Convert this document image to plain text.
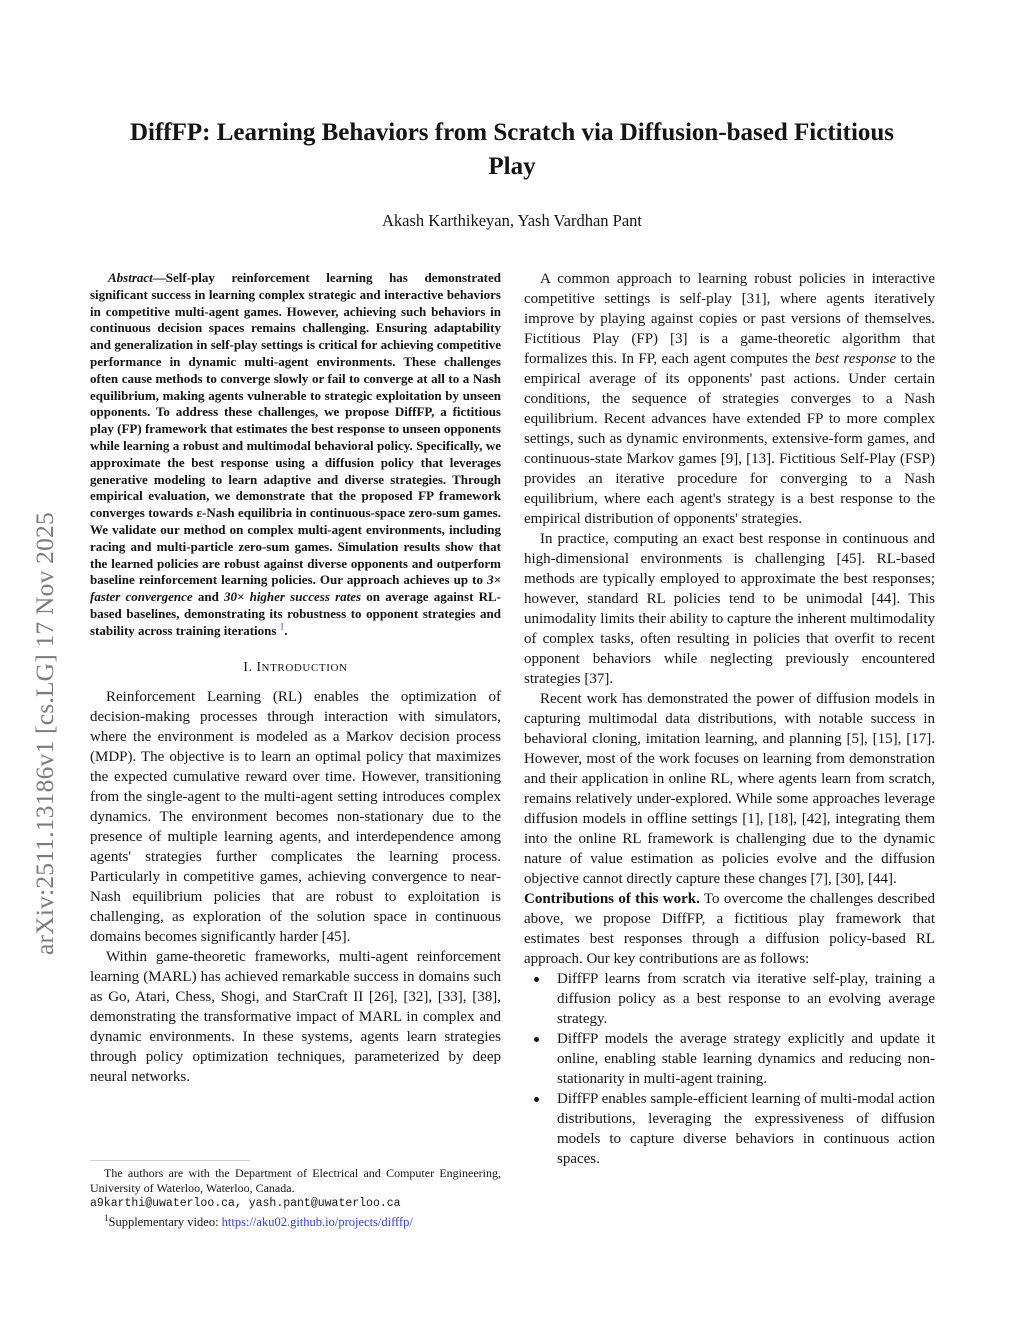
arXiv:2511.13186v1 [cs.LG] 17 Nov 2025
DiffFP: Learning Behaviors from Scratch via Diffusion-based Fictitious
Play
Akash Karthikeyan, Yash Vardhan Pant

Abstract—Self-play reinforcement learning has demonstrated significant success in learning complex strategic and interactive behaviors in competitive multi-agent games. However, achieving such behaviors in continuous decision spaces remains challenging. Ensuring adaptability and generalization in self-play settings is critical for achieving competitive performance in dynamic multi-agent environments. These challenges often cause methods to converge slowly or fail to converge at all to a Nash equilibrium, making agents vulnerable to strategic exploitation by unseen opponents. To address these challenges, we propose DiffFP, a fictitious play (FP) framework that estimates the best response to unseen opponents while learning a robust and multimodal behavioral policy. Specifically, we approximate the best response using a diffusion policy that leverages generative modeling to learn adaptive and diverse strategies. Through empirical evaluation, we demonstrate that the proposed FP framework converges towards ε-Nash equilibria in continuous-space zero-sum games. We validate our method on complex multi-agent environments, including racing and multi-particle zero-sum games. Simulation results show that the learned policies are robust against diverse opponents and outperform baseline reinforcement learning policies. Our approach achieves up to 3× faster convergence and 30× higher success rates on average against RL-based baselines, demonstrating its robustness to opponent strategies and stability across training iterations $^1$.

I. INTRODUCTION

Reinforcement Learning (RL) enables the optimization of decision-making processes through interaction with simulators, where the environment is modeled as a Markov decision process (MDP). The objective is to learn an optimal policy that maximizes the expected cumulative reward over time. However, transitioning from the single-agent to the multi-agent setting introduces complex dynamics. The environment becomes non-stationary due to the presence of multiple learning agents, and interdependence among agents' strategies further complicates the learning process. Particularly in competitive games, achieving convergence to near-Nash equilibrium policies that are robust to exploitation is challenging, as exploration of the solution space in continuous domains becomes significantly harder [45].

Within game-theoretic frameworks, multi-agent reinforcement learning (MARL) has achieved remarkable success in domains such as Go, Atari, Chess, Shogi, and StarCraft II [26], [32], [33], [38], demonstrating the transformative impact of MARL in complex and dynamic environments. In these systems, agents learn strategies through policy optimization techniques, parameterized by deep neural networks.

The authors are with the Department of Electrical and Computer Engineering, University of Waterloo, Waterloo, Canada.
a9karthi@uwaterloo.ca, yash.pant@uwaterloo.ca
$^1$Supplementary video: https://aku02.github.io/projects/difffp/

A common approach to learning robust policies in interactive competitive settings is self-play [31], where agents iteratively improve by playing against copies or past versions of themselves. Fictitious Play (FP) [3] is a game-theoretic algorithm that formalizes this. In FP, each agent computes the best response to the empirical average of its opponents' past actions. Under certain conditions, the sequence of strategies converges to a Nash equilibrium. Recent advances have extended FP to more complex settings, such as dynamic environments, extensive-form games, and continuous-state Markov games [9], [13]. Fictitious Self-Play (FSP) provides an iterative procedure for converging to a Nash equilibrium, where each agent's strategy is a best response to the empirical distribution of opponents' strategies.

In practice, computing an exact best response in continuous and high-dimensional environments is challenging [45]. RL-based methods are typically employed to approximate the best responses; however, standard RL policies tend to be unimodal [44]. This unimodality limits their ability to capture the inherent multimodality of complex tasks, often resulting in policies that overfit to recent opponent behaviors while neglecting previously encountered strategies [37].

Recent work has demonstrated the power of diffusion models in capturing multimodal data distributions, with notable success in behavioral cloning, imitation learning, and planning [5], [15], [17]. However, most of the work focuses on learning from demonstration and their application in online RL, where agents learn from scratch, remains relatively under-explored. While some approaches leverage diffusion models in offline settings [1], [18], [42], integrating them into the online RL framework is challenging due to the dynamic nature of value estimation as policies evolve and the diffusion objective cannot directly capture these changes [7], [30], [44].

Contributions of this work. To overcome the challenges described above, we propose DiffFP, a fictitious play framework that estimates best responses through a diffusion policy-based RL approach. Our key contributions are as follows:

DiffFP learns from scratch via iterative self-play, training a diffusion policy as a best response to an evolving average strategy.
DiffFP models the average strategy explicitly and update it online, enabling stable learning dynamics and reducing non-stationarity in multi-agent training.
DiffFP enables sample-efficient learning of multi-modal action distributions, leveraging the expressiveness of diffusion models to capture diverse behaviors in continuous action spaces.
